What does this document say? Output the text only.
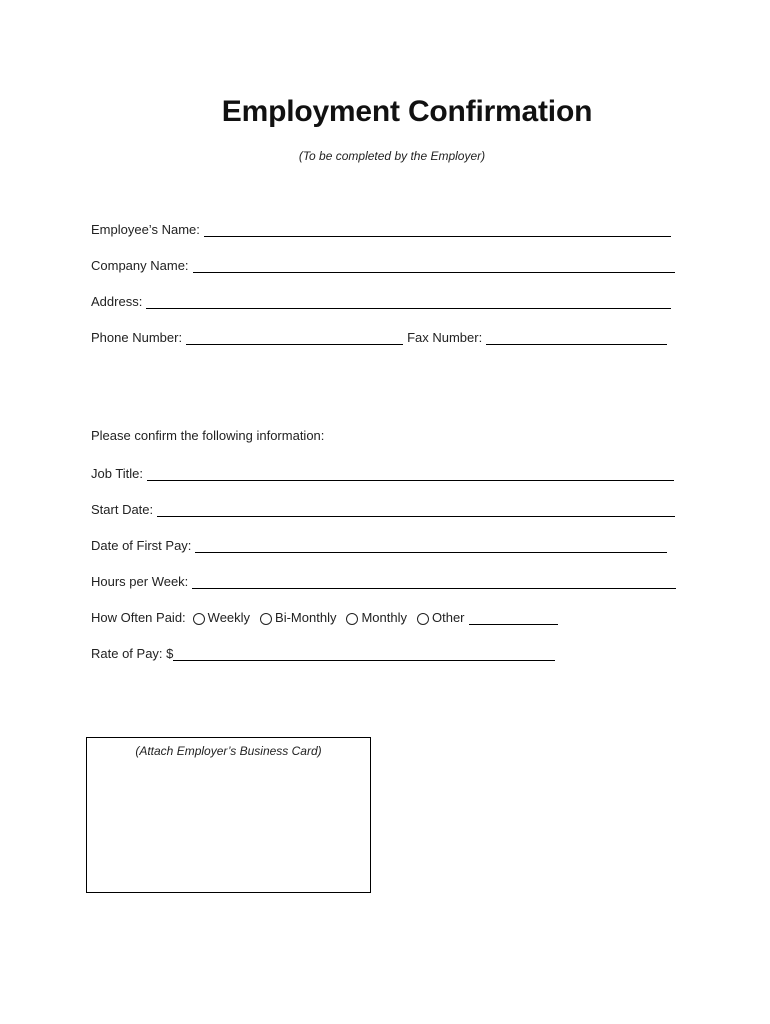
Employment Confirmation
(To be completed by the Employer)
Employee’s Name:
Company Name:
Address:
Phone Number:	Fax Number:
Please confirm the following information:
Job Title:
Start Date:
Date of First Pay:
Hours per Week:
How Often Paid:	Weekly Bi-Monthly Monthly Other
Rate of Pay: $
(Attach Employer’s Business Card)
